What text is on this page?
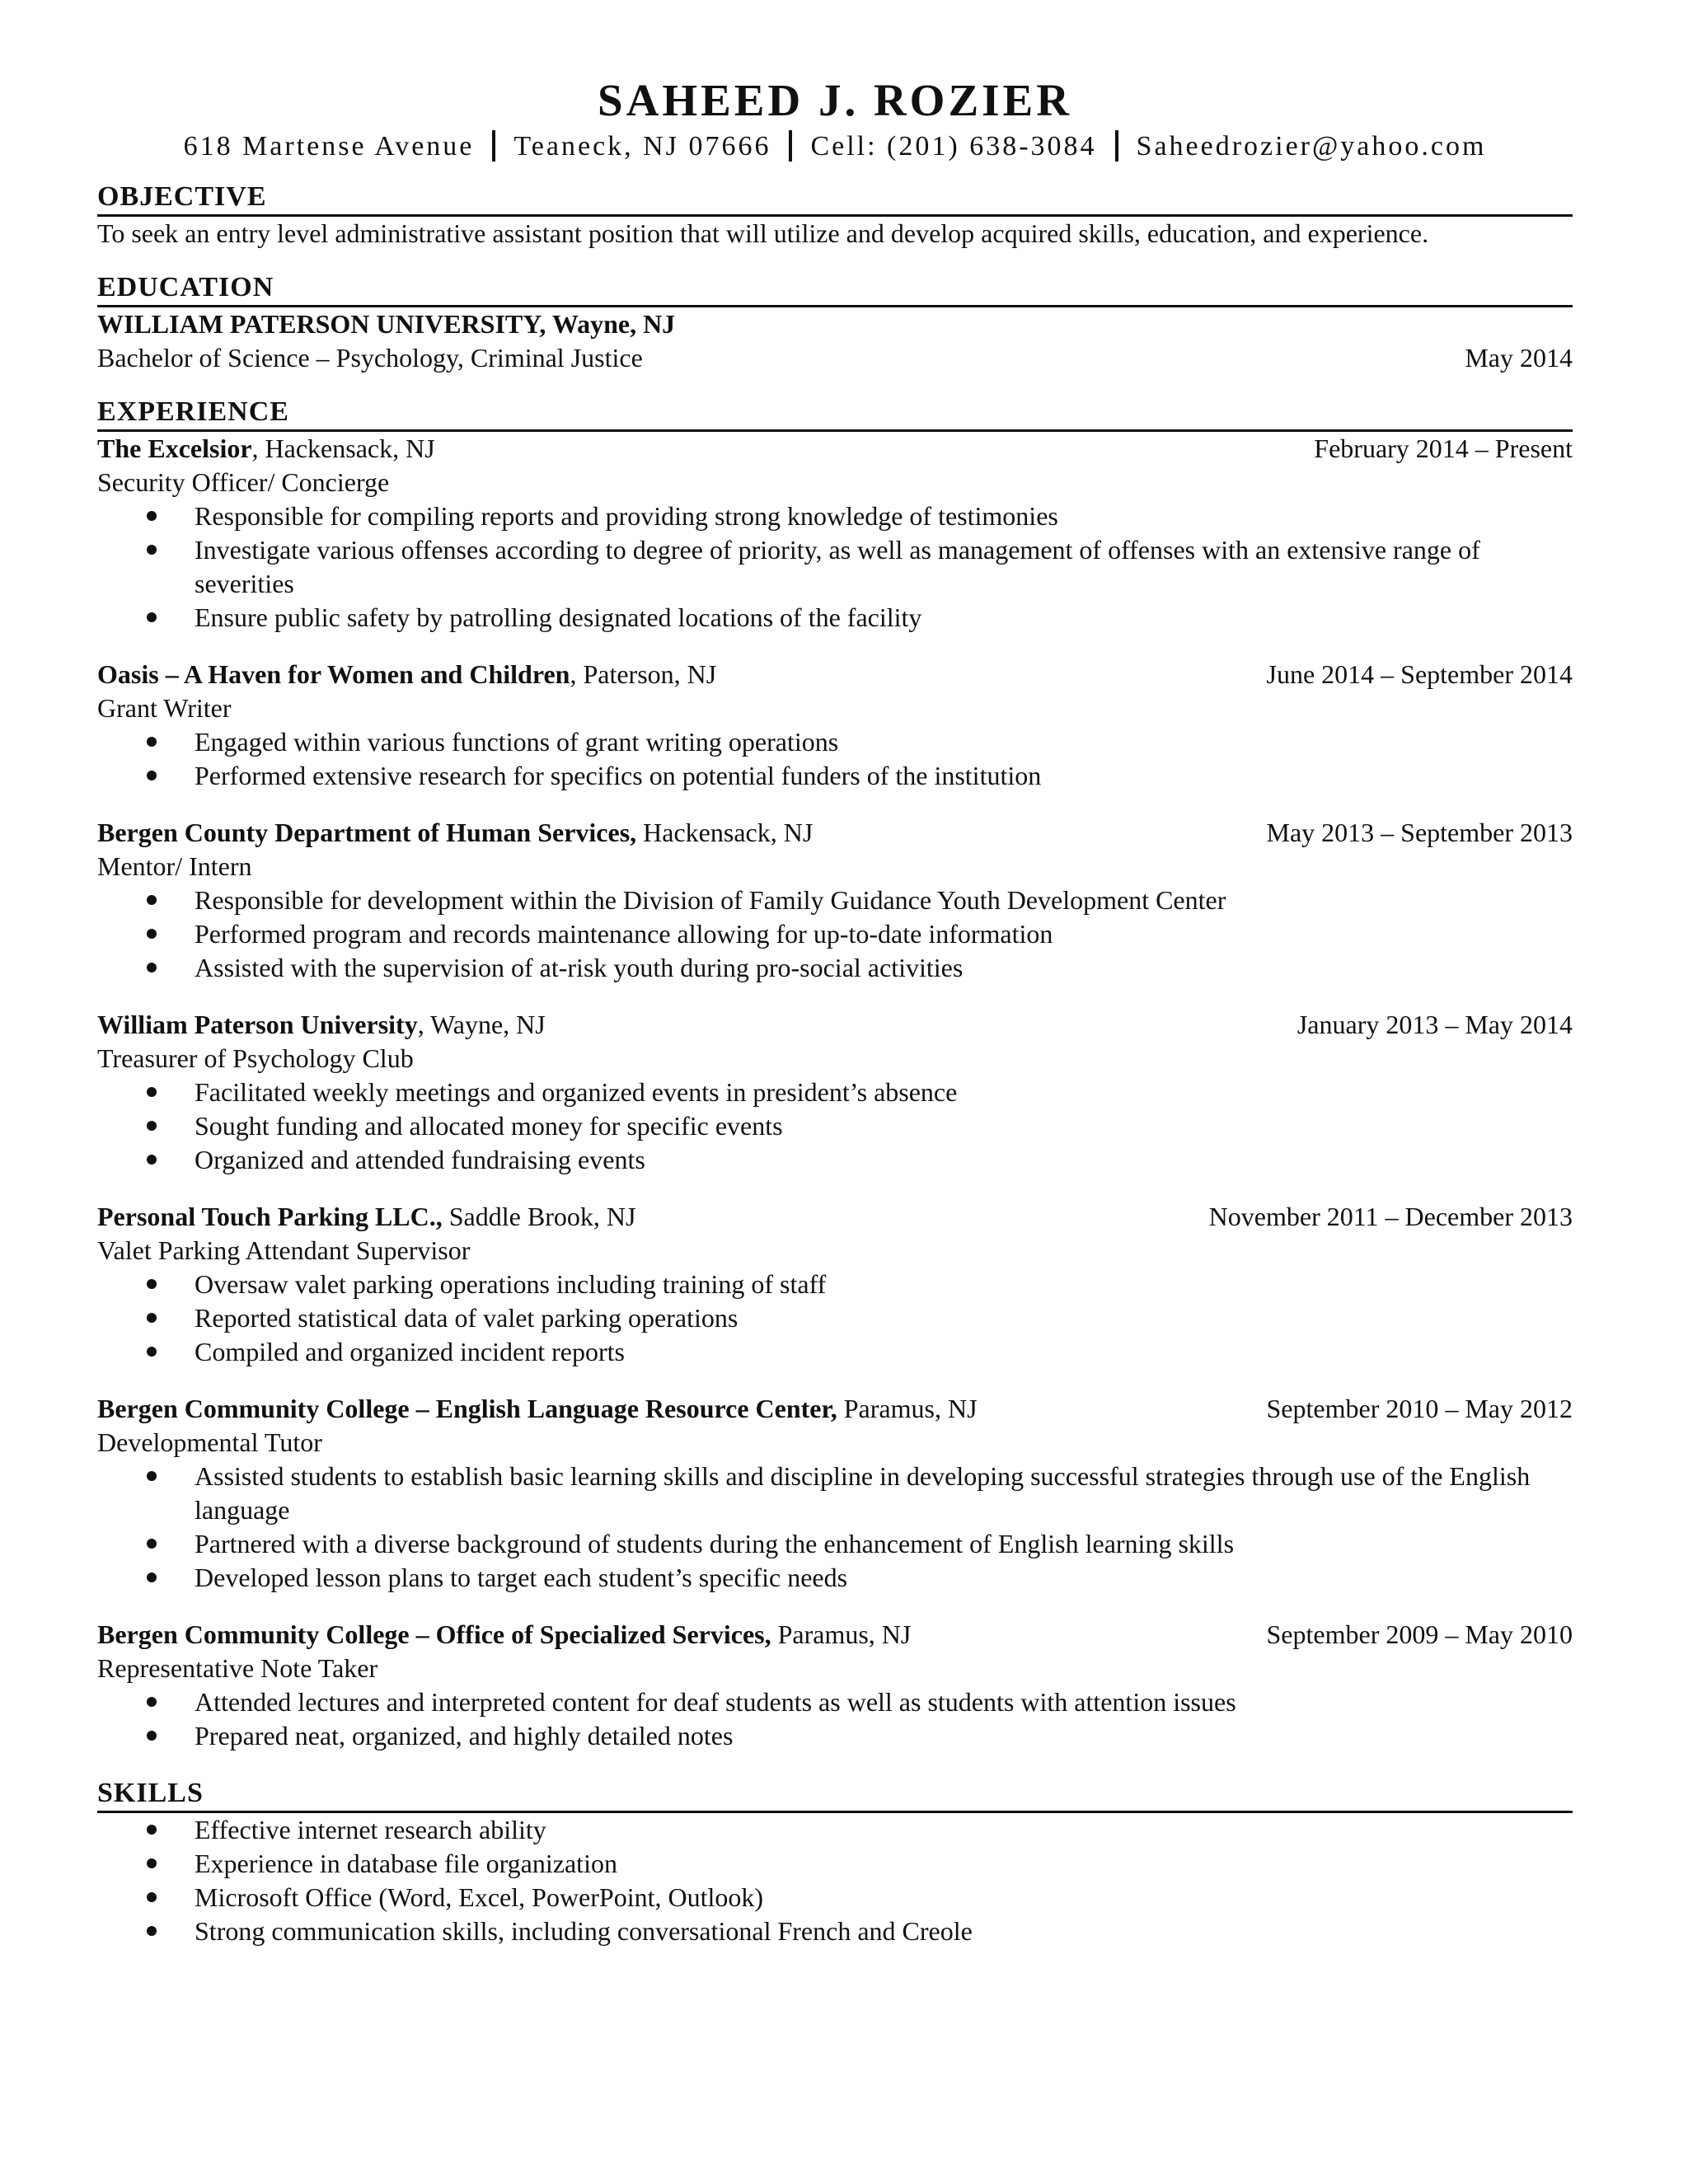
SAHEED J. ROZIER
618 Martense Avenue Teaneck, NJ 07666 Cell: (201) 638-3084 Saheedrozier@yahoo.com
OBJECTIVE
To seek an entry level administrative assistant position that will utilize and develop acquired skills, education, and experience.
EDUCATION
WILLIAM PATERSON UNIVERSITY, Wayne, NJ
Bachelor of Science – Psychology, Criminal Justice	May 2014
EXPERIENCE
The Excelsior, Hackensack, NJ	February 2014 – Present
Security Officer/ Concierge
Responsible for compiling reports and providing strong knowledge of testimonies
Investigate various offenses according to degree of priority, as well as management of offenses with an extensive range of severities
Ensure public safety by patrolling designated locations of the facility
Oasis – A Haven for Women and Children, Paterson, NJ	June 2014 – September 2014
Grant Writer
Engaged within various functions of grant writing operations
Performed extensive research for specifics on potential funders of the institution
Bergen County Department of Human Services, Hackensack, NJ	May 2013 – September 2013
Mentor/ Intern
Responsible for development within the Division of Family Guidance Youth Development Center
Performed program and records maintenance allowing for up-to-date information
Assisted with the supervision of at-risk youth during pro-social activities
William Paterson University, Wayne, NJ	January 2013 – May 2014
Treasurer of Psychology Club
Facilitated weekly meetings and organized events in president’s absence
Sought funding and allocated money for specific events
Organized and attended fundraising events
Personal Touch Parking LLC., Saddle Brook, NJ	November 2011 – December 2013
Valet Parking Attendant Supervisor
Oversaw valet parking operations including training of staff
Reported statistical data of valet parking operations
Compiled and organized incident reports
Bergen Community College – English Language Resource Center, Paramus, NJ	September 2010 – May 2012
Developmental Tutor
Assisted students to establish basic learning skills and discipline in developing successful strategies through use of the English language
Partnered with a diverse background of students during the enhancement of English learning skills
Developed lesson plans to target each student’s specific needs
Bergen Community College – Office of Specialized Services, Paramus, NJ	September 2009 – May 2010
Representative Note Taker
Attended lectures and interpreted content for deaf students as well as students with attention issues
Prepared neat, organized, and highly detailed notes
SKILLS
Effective internet research ability
Experience in database file organization
Microsoft Office (Word, Excel, PowerPoint, Outlook)
Strong communication skills, including conversational French and Creole
